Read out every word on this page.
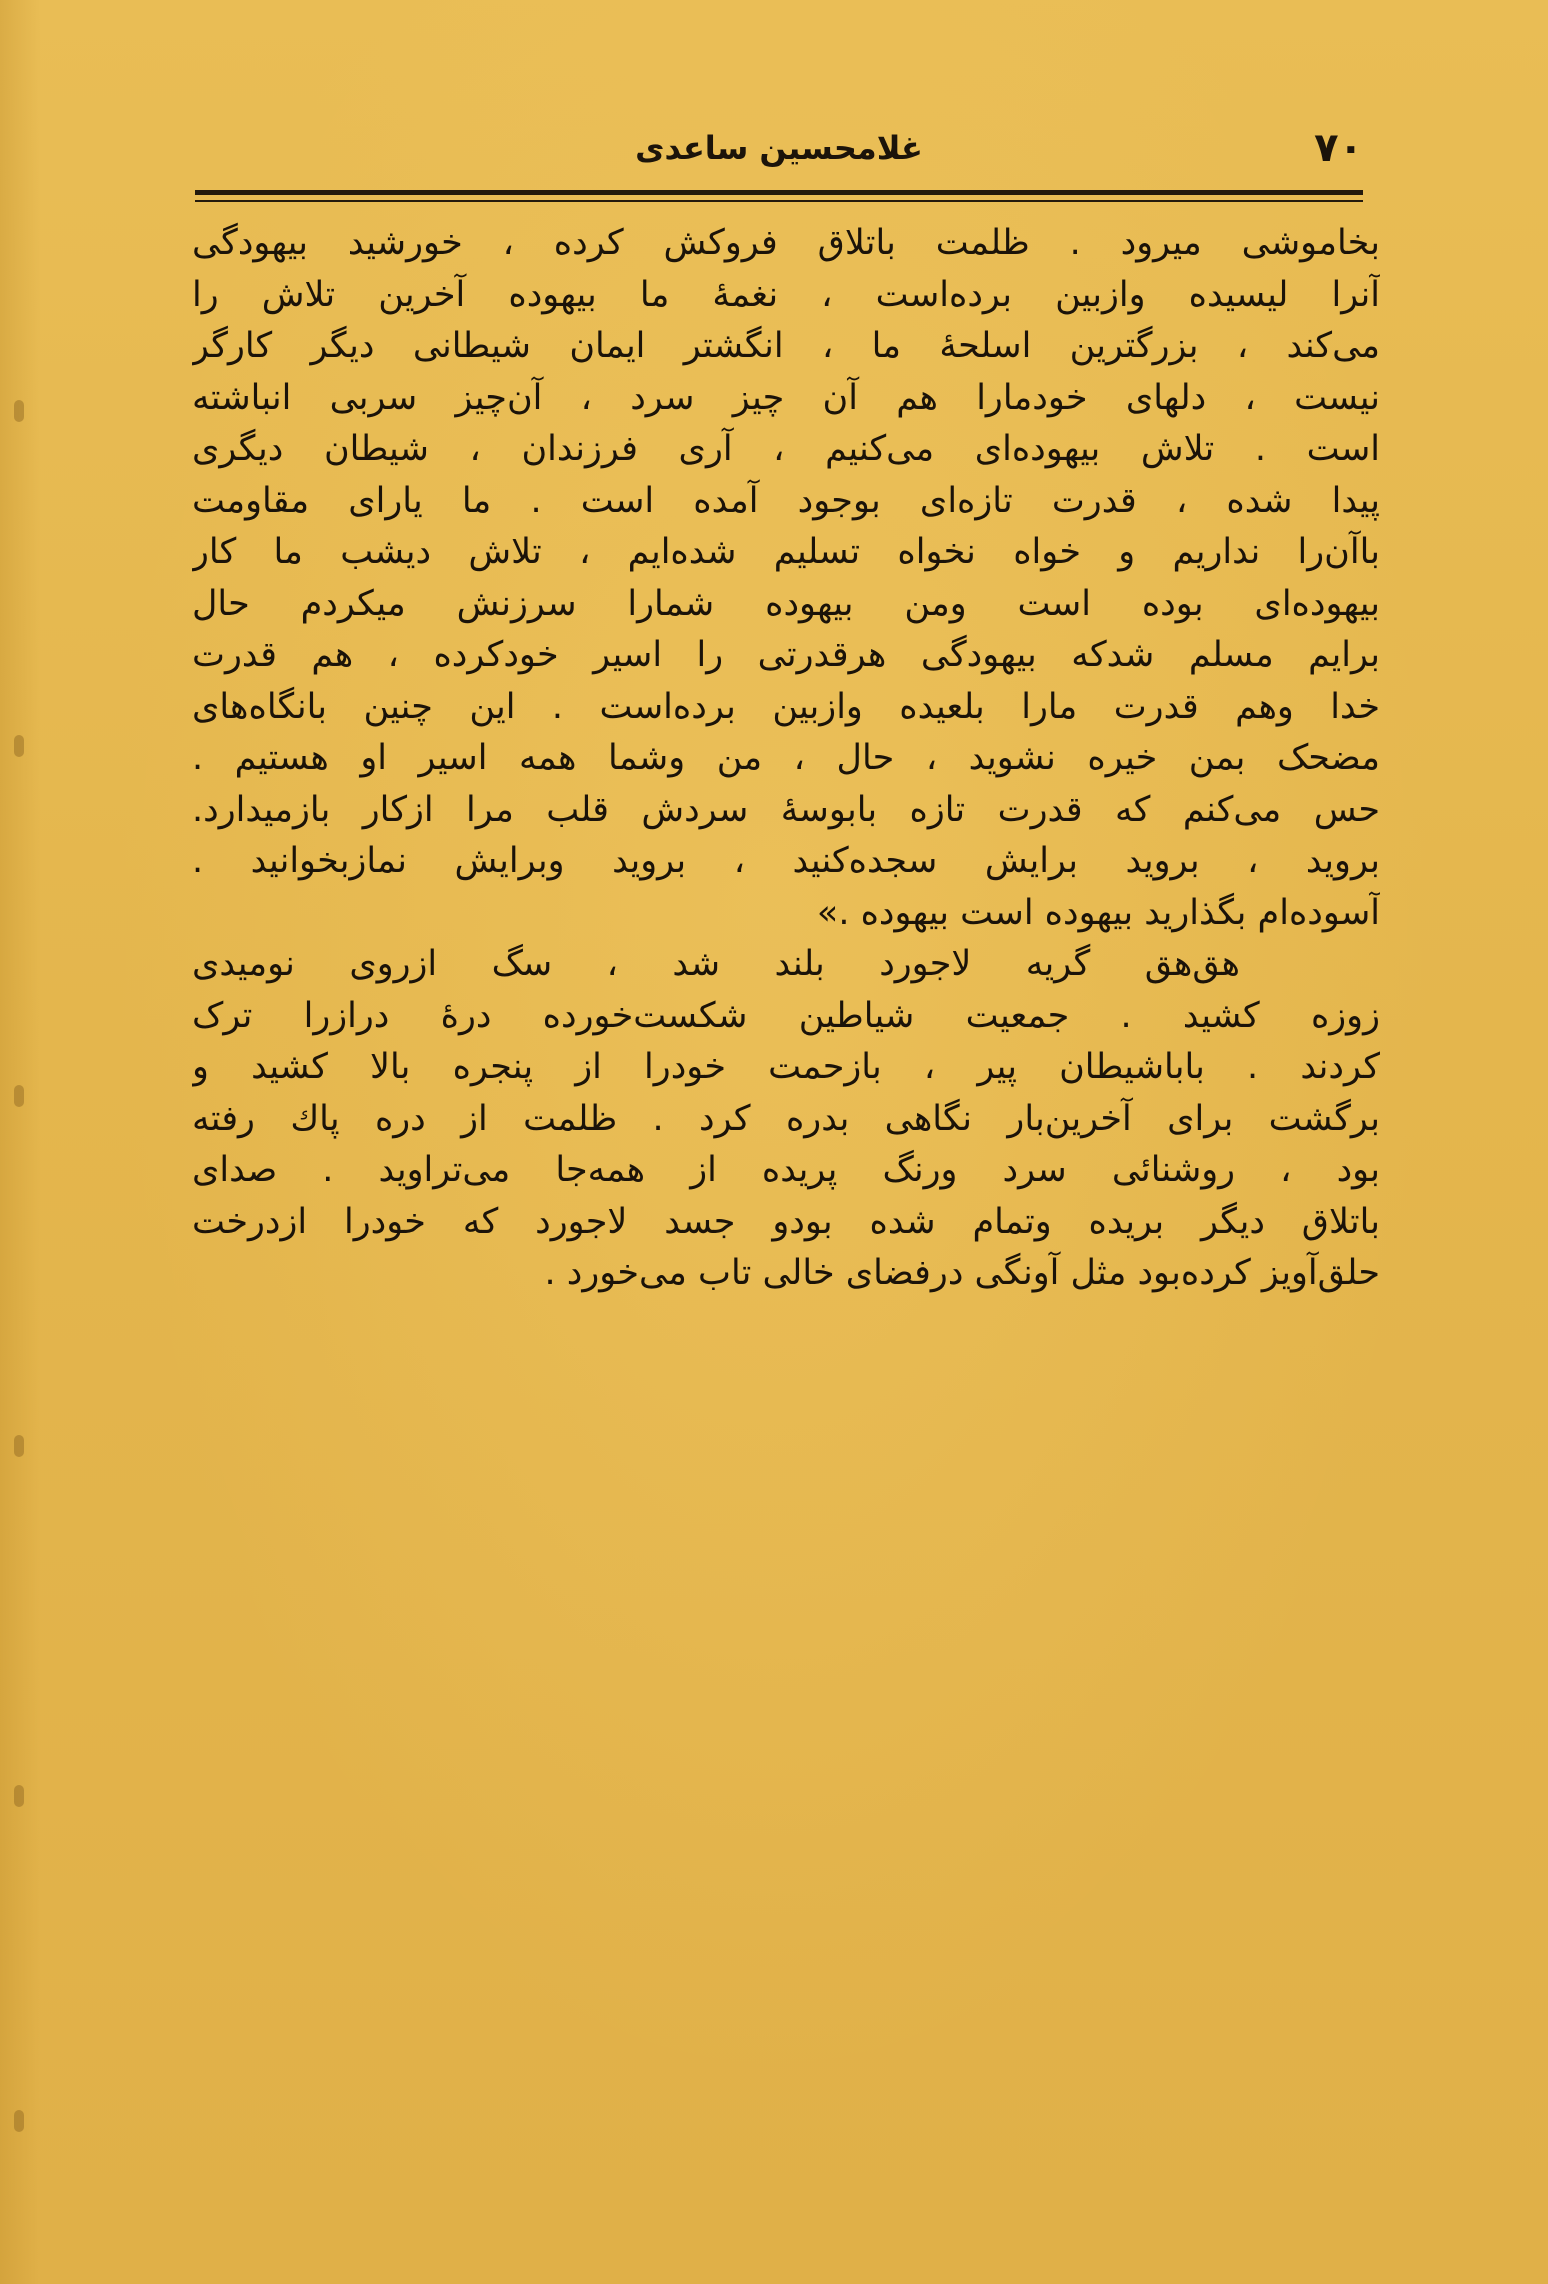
۷۰
غلامحسین ساعدی
بخاموشی میرود . ظلمت باتلاق فروکش کرده ، خورشید بیهودگی
آنرا لیسیده وازبین برده‌است ، نغمهٔ ما بیهوده آخرین تلاش را
می‌کند ، بزرگترین اسلحهٔ ما ، انگشتر ایمان شیطانی دیگر کارگر
نیست ، دلهای خودمارا هم آن چیز سرد ، آن‌چیز سربی انباشته
است . تلاش بیهوده‌ای می‌کنیم ، آری فرزندان ، شیطان دیگری
پیدا شده ، قدرت تازه‌ای بوجود آمده است . ما یارای مقاومت
باآن‌را نداریم و خواه نخواه تسلیم شده‌ایم ، تلاش دیشب ما کار
بیهوده‌ای بوده است ومن بیهوده شمارا سرزنش میکردم حال
برایم مسلم شدکه بیهودگی هرقدرتی را اسیر خودکرده ، هم قدرت
خدا وهم قدرت مارا بلعیده وازبین برده‌است . این چنین بانگاه‌های
مضحک بمن خیره نشوید ، حال ، من وشما همه اسیر او هستیم .
حس می‌کنم که قدرت تازه بابوسهٔ سردش قلب مرا ازکار بازمیدارد.
بروید ، بروید برایش سجده‌کنید ، بروید وبرایش نمازبخوانید .
آسوده‌ام بگذارید بیهوده است بیهوده .»
هق‌هق گریه لاجورد بلند شد ، سگ ازروی نومیدی
زوزه کشید . جمعیت شیاطین شکست‌خورده درهٔ درازرا ترک
کردند . باباشیطان پیر ، بازحمت خودرا از پنجره بالا کشید و
برگشت برای آخرین‌بار نگاهی بدره کرد . ظلمت از دره پاك رفته
بود ، روشنائی سرد ورنگ پریده از همه‌جا می‌تراوید . صدای
باتلاق دیگر بریده وتمام شده بودو جسد لاجورد که خودرا ازدرخت
حلق‌آویز کرده‌بود مثل آونگی درفضای خالی تاب می‌خورد .
